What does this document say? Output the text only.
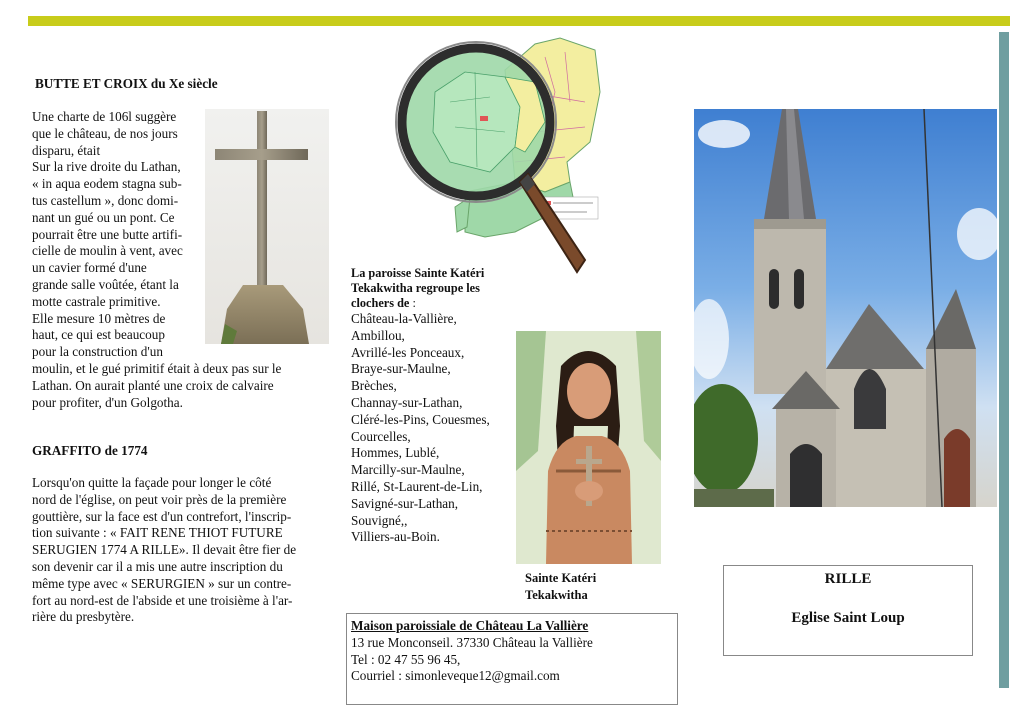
BUTTE ET CROIX du Xe siècle
Une charte de 106l suggère
que le château, de nos jours
disparu, était
Sur la rive droite du Lathan,
« in aqua eodem stagna sub-
tus castellum », donc domi-
nant un gué ou un pont. Ce
pourrait être une butte artifi-
cielle de moulin à vent, avec
un cavier formé d'une
grande salle voûtée, étant la
motte castrale primitive.
Elle mesure 10 mètres de
haut, ce qui est beaucoup
pour la construction d'un
moulin, et le gué primitif était à deux pas sur le
Lathan. On aurait planté une croix de calvaire
pour profiter, d'un Golgotha.
GRAFFITO de 1774
Lorsqu'on quitte la façade pour longer le côté
nord de l'église, on peut voir près de la première
gouttière, sur la face est d'un contrefort, l'inscrip-
tion suivante : « FAIT RENE THIOT FUTURE
SERUGIEN 1774 A RILLE». Il devait être fier de
son devenir car il a mis une autre inscription du
même type avec « SERURGIEN » sur un contre-
fort au nord-est de l'abside et une troisième à l'ar-
rière du presbytère.
La paroisse Sainte Katéri
Tekakwitha regroupe les
clochers de :
Château-la-Vallière,
Ambillou,
Avrillé-les Ponceaux,
Braye-sur-Maulne,
Brèches,
Channay-sur-Lathan,
Cléré-les-Pins, Couesmes,
Courcelles,
Hommes, Lublé,
Marcilly-sur-Maulne,
Rillé, St-Laurent-de-Lin,
Savigné-sur-Lathan,
Souvigné,,
Villiers-au-Boin.
Sainte Katéri
Tekakwitha
Maison paroissiale de Château La Vallière
13 rue Monconseil. 37330 Château la Vallière
Tel : 02 47 55 96 45,
Courriel : simonleveque12@gmail.com
RILLE
Eglise Saint Loup
